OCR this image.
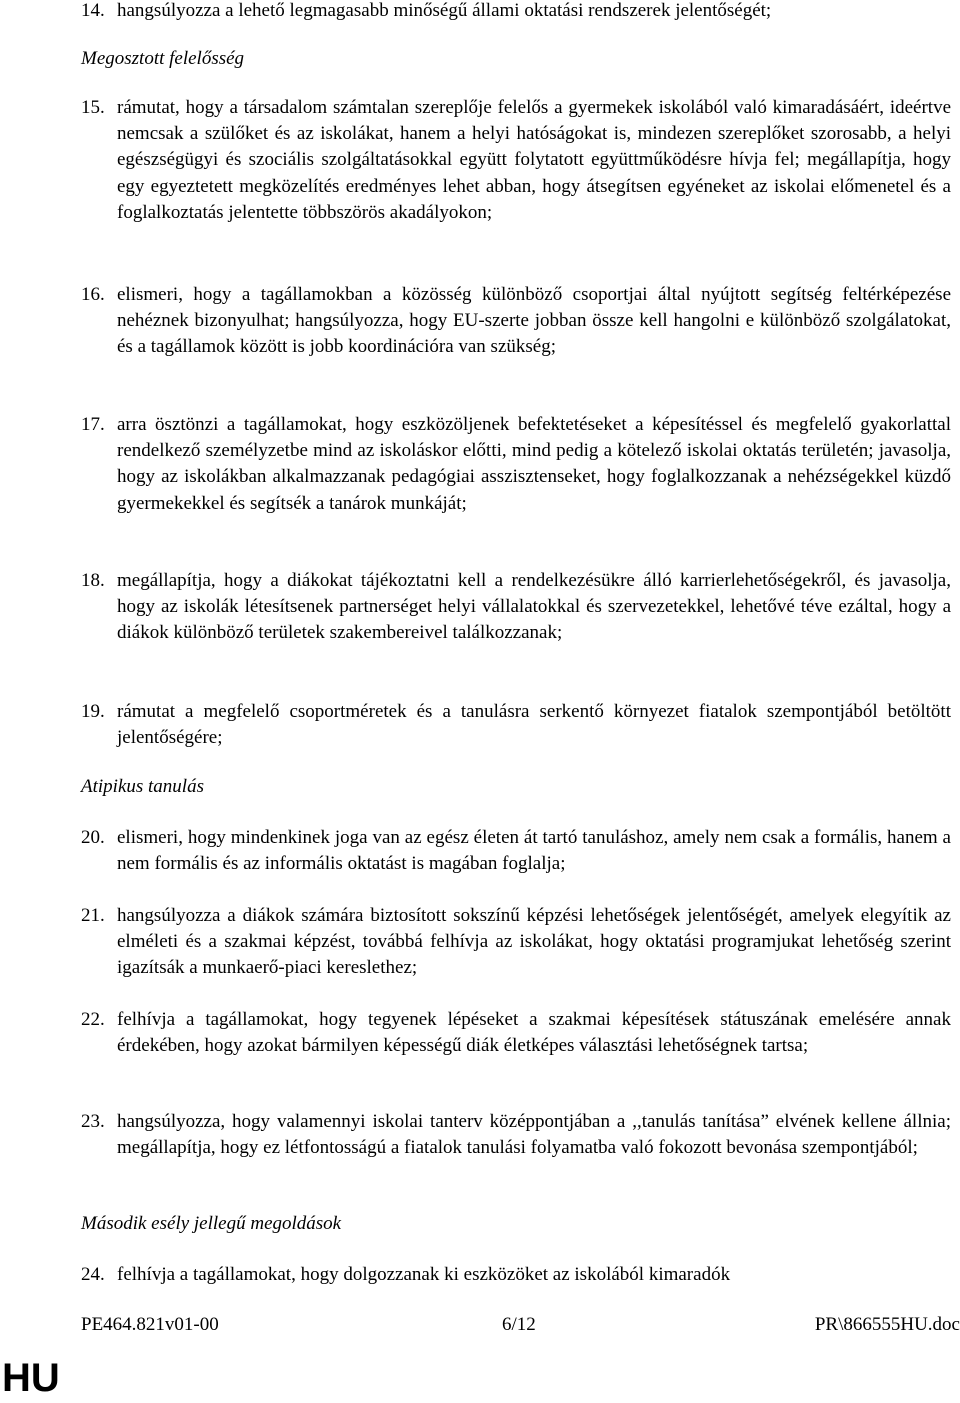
14. hangsúlyozza a lehető legmagasabb minőségű állami oktatási rendszerek jelentőségét;
Megosztott felelősség
15. rámutat, hogy a társadalom számtalan szereplője felelős a gyermekek iskolából való kimaradásáért, ideértve nemcsak a szülőket és az iskolákat, hanem a helyi hatóságokat is, mindezen szereplőket szorosabb, a helyi egészségügyi és szociális szolgáltatásokkal együtt folytatott együttműködésre hívja fel; megállapítja, hogy egy egyeztetett megközelítés eredményes lehet abban, hogy átsegítsen egyéneket az iskolai előmenetel és a foglalkoztatás jelentette többszörös akadályokon;
16. elismeri, hogy a tagállamokban a közösség különböző csoportjai által nyújtott segítség feltérképezése nehéznek bizonyulhat; hangsúlyozza, hogy EU-szerte jobban össze kell hangolni e különböző szolgálatokat, és a tagállamok között is jobb koordinációra van szükség;
17. arra ösztönzi a tagállamokat, hogy eszközöljenek befektetéseket a képesítéssel és megfelelő gyakorlattal rendelkező személyzetbe mind az iskoláskor előtti, mind pedig a kötelező iskolai oktatás területén; javasolja, hogy az iskolákban alkalmazzanak pedagógiai asszisztenseket, hogy foglalkozzanak a nehézségekkel küzdő gyermekekkel és segítsék a tanárok munkáját;
18. megállapítja, hogy a diákokat tájékoztatni kell a rendelkezésükre álló karrierlehetőségekről, és javasolja, hogy az iskolák létesítsenek partnerséget helyi vállalatokkal és szervezetekkel, lehetővé téve ezáltal, hogy a diákok különböző területek szakembereivel találkozzanak;
19. rámutat a megfelelő csoportméretek és a tanulásra serkentő környezet fiatalok szempontjából betöltött jelentőségére;
Atipikus tanulás
20. elismeri, hogy mindenkinek joga van az egész életen át tartó tanuláshoz, amely nem csak a formális, hanem a nem formális és az informális oktatást is magában foglalja;
21. hangsúlyozza a diákok számára biztosított sokszínű képzési lehetőségek jelentőségét, amelyek elegyítik az elméleti és a szakmai képzést, továbbá felhívja az iskolákat, hogy oktatási programjukat lehetőség szerint igazítsák a munkaerő-piaci kereslethez;
22. felhívja a tagállamokat, hogy tegyenek lépéseket a szakmai képesítések státuszának emelésére annak érdekében, hogy azokat bármilyen képességű diák életképes választási lehetőségnek tartsa;
23. hangsúlyozza, hogy valamennyi iskolai tanterv középpontjában a ,,tanulás tanítása” elvének kellene állnia; megállapítja, hogy ez létfontosságú a fiatalok tanulási folyamatba való fokozott bevonása szempontjából;
Második esély jellegű megoldások
24. felhívja a tagállamokat, hogy dolgozzanak ki eszközöket az iskolából kimaradók
PE464.821v01-00	6/12	PR\866555HU.doc
HU
